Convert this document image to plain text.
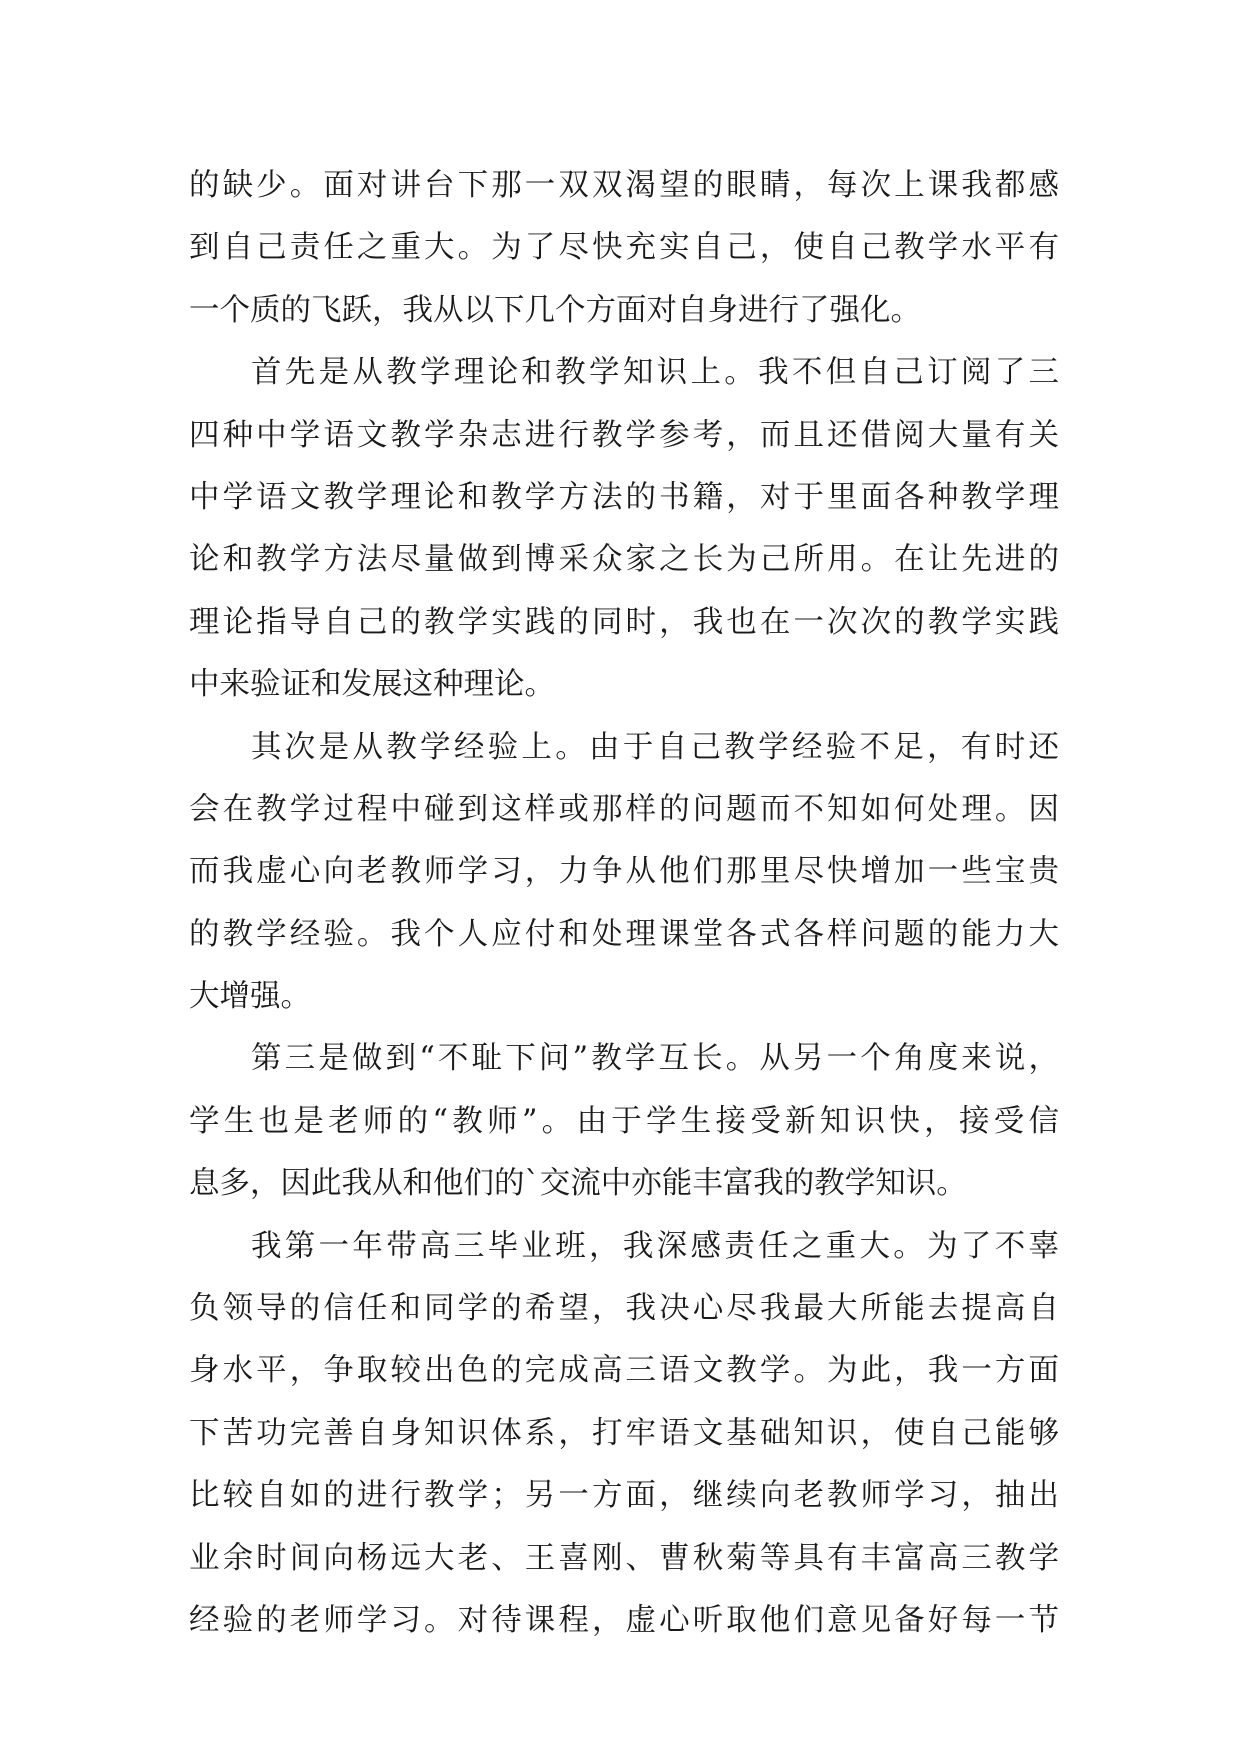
的缺少。面对讲台下那一双双渴望的眼睛，每次上课我都感
到自己责任之重大。为了尽快充实自己，使自己教学水平有
一个质的飞跃，我从以下几个方面对自身进行了强化。
首先是从教学理论和教学知识上。我不但自己订阅了三
四种中学语文教学杂志进行教学参考，而且还借阅大量有关
中学语文教学理论和教学方法的书籍，对于里面各种教学理
论和教学方法尽量做到博采众家之长为己所用。在让先进的
理论指导自己的教学实践的同时，我也在一次次的教学实践
中来验证和发展这种理论。
其次是从教学经验上。由于自己教学经验不足，有时还
会在教学过程中碰到这样或那样的问题而不知如何处理。因
而我虚心向老教师学习，力争从他们那里尽快增加一些宝贵
的教学经验。我个人应付和处理课堂各式各样问题的能力大
大增强。
第三是做到“不耻下问”教学互长。从另一个角度来说，
学生也是老师的“教师”。由于学生接受新知识快，接受信
息多，因此我从和他们的`交流中亦能丰富我的教学知识。
我第一年带高三毕业班，我深感责任之重大。为了不辜
负领导的信任和同学的希望，我决心尽我最大所能去提高自
身水平，争取较出色的完成高三语文教学。为此，我一方面
下苦功完善自身知识体系，打牢语文基础知识，使自己能够
比较自如的进行教学；另一方面，继续向老教师学习，抽出
业余时间向杨远大老、王喜刚、曹秋菊等具有丰富高三教学
经验的老师学习。对待课程，虚心听取他们意见备好每一节
